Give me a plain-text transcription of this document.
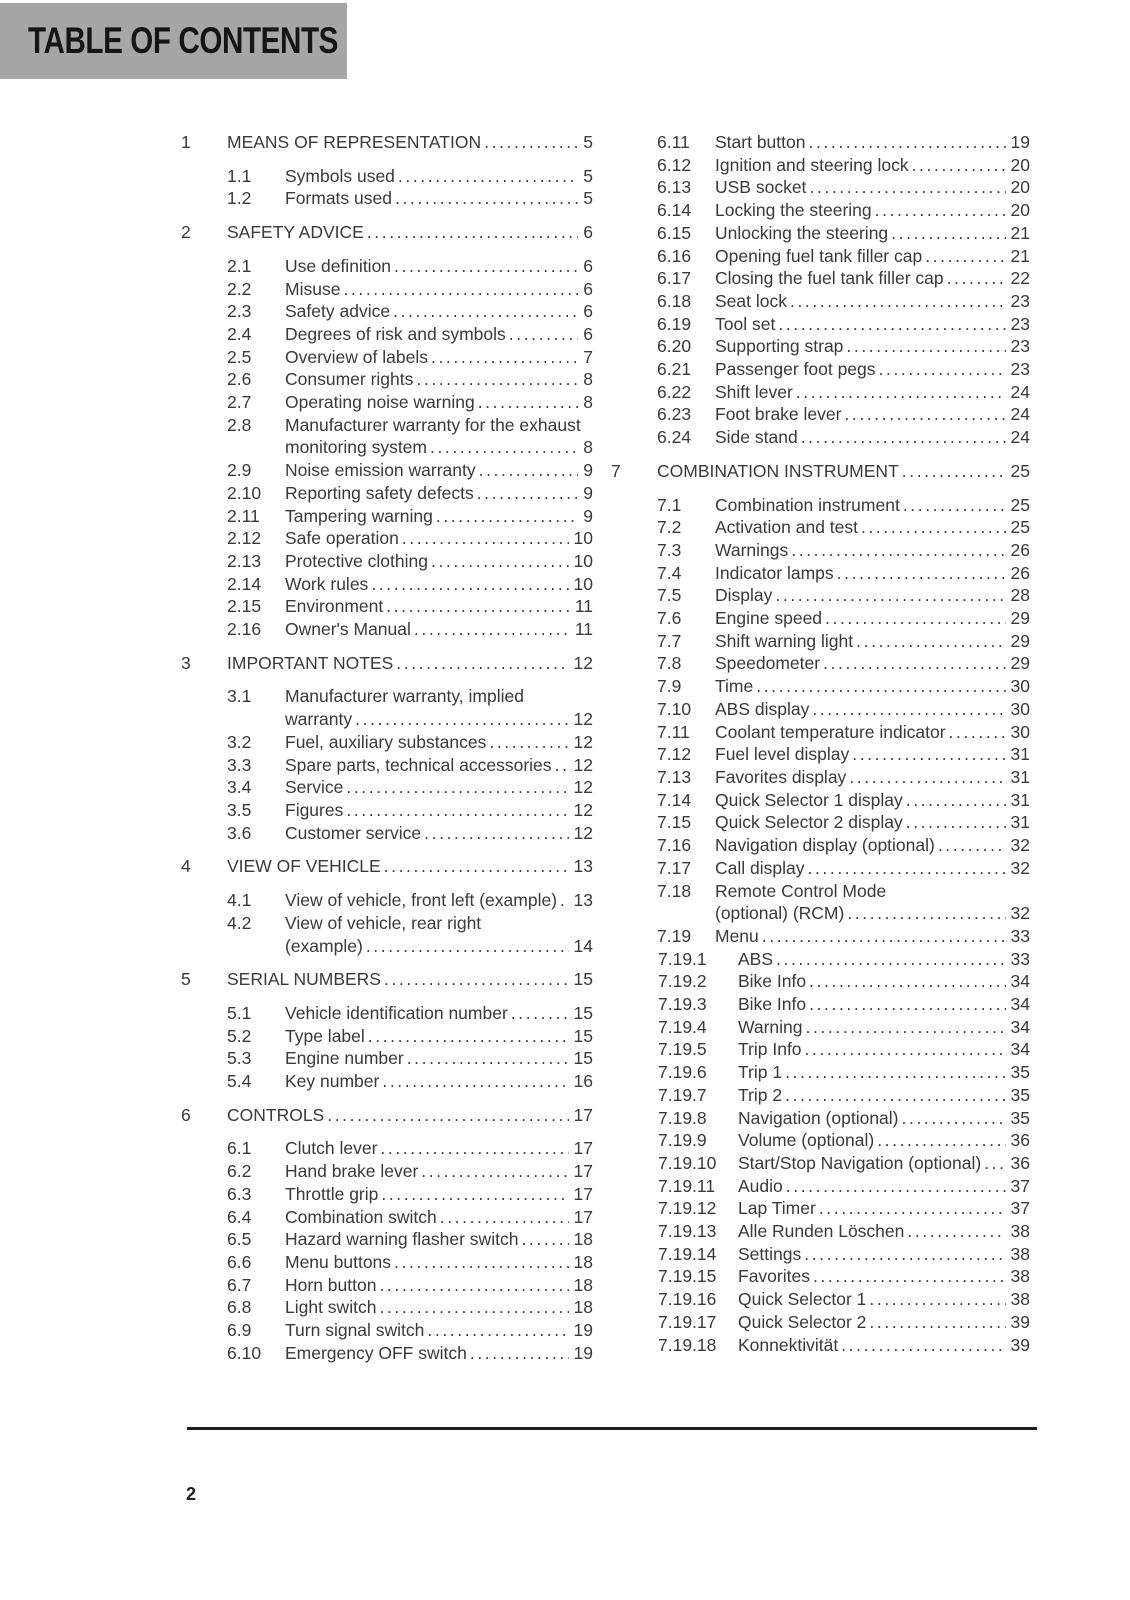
TABLE OF CONTENTS
1	MEANS OF REPRESENTATION .....	5
1.1	Symbols used .....	5
1.2	Formats used .....	5
2	SAFETY ADVICE .....	6
2.1	Use definition .....	6
2.2	Misuse .....	6
2.3	Safety advice .....	6
2.4	Degrees of risk and symbols .....	6
2.5	Overview of labels .....	7
2.6	Consumer rights .....	8
2.7	Operating noise warning .....	8
2.8	Manufacturer warranty for the exhaust
monitoring system .....	8
2.9	Noise emission warranty .....	9
2.10	Reporting safety defects .....	9
2.11	Tampering warning .....	9
2.12	Safe operation .....	10
2.13	Protective clothing .....	10
2.14	Work rules .....	10
2.15	Environment .....	11
2.16	Owner's Manual .....	11
3	IMPORTANT NOTES .....	12
3.1	Manufacturer warranty, implied
warranty .....	12
3.2	Fuel, auxiliary substances .....	12
3.3	Spare parts, technical accessories ..... 12
3.4	Service .....	12
3.5	Figures .....	12
3.6	Customer service .....	12
4	VIEW OF VEHICLE .....	13
4.1	View of vehicle, front left (example) ..... 13
4.2	View of vehicle, rear right
(example) .....	14
5	SERIAL NUMBERS .....	15
5.1	Vehicle identification number .....	15
5.2	Type label .....	15
5.3	Engine number .....	15
5.4	Key number .....	16
6	CONTROLS .....	17
6.1	Clutch lever .....	17
6.2	Hand brake lever .....	17
6.3	Throttle grip .....	17
6.4	Combination switch .....	17
6.5	Hazard warning flasher switch .....	18
6.6	Menu buttons .....	18
6.7	Horn button .....	18
6.8	Light switch .....	18
6.9	Turn signal switch .....	19
6.10	Emergency OFF switch .....	19
6.11	Start button .....	19
6.12	Ignition and steering lock .....	20
6.13	USB socket .....	20
6.14	Locking the steering .....	20
6.15	Unlocking the steering .....	21
6.16	Opening fuel tank filler cap .....	21
6.17	Closing the fuel tank filler cap .....	22
6.18	Seat lock .....	23
6.19	Tool set .....	23
6.20	Supporting strap .....	23
6.21	Passenger foot pegs .....	23
6.22	Shift lever .....	24
6.23	Foot brake lever .....	24
6.24	Side stand .....	24
7	COMBINATION INSTRUMENT .....	25
7.1	Combination instrument .....	25
7.2	Activation and test .....	25
7.3	Warnings .....	26
7.4	Indicator lamps .....	26
7.5	Display .....	28
7.6	Engine speed .....	29
7.7	Shift warning light .....	29
7.8	Speedometer .....	29
7.9	Time .....	30
7.10	ABS display .....	30
7.11	Coolant temperature indicator .....	30
7.12	Fuel level display .....	31
7.13	Favorites display .....	31
7.14	Quick Selector 1 display .....	31
7.15	Quick Selector 2 display .....	31
7.16	Navigation display (optional) .....	32
7.17	Call display .....	32
7.18	Remote Control Mode
(optional) (RCM) .....	32
7.19	Menu .....	33
7.19.1	ABS .....	33
7.19.2	Bike Info .....	34
7.19.3	Bike Info .....	34
7.19.4	Warning .....	34
7.19.5	Trip Info .....	34
7.19.6	Trip 1 .....	35
7.19.7	Trip 2 .....	35
7.19.8	Navigation (optional) .....	35
7.19.9	Volume (optional) .....	36
7.19.10	Start/Stop Navigation (optional) ..... 36
7.19.11	Audio .....	37
7.19.12	Lap Timer .....	37
7.19.13	Alle Runden Löschen .....	38
7.19.14	Settings .....	38
7.19.15	Favorites .....	38
7.19.16	Quick Selector 1 .....	38
7.19.17	Quick Selector 2 .....	39
7.19.18	Konnektivität .....	39
2
